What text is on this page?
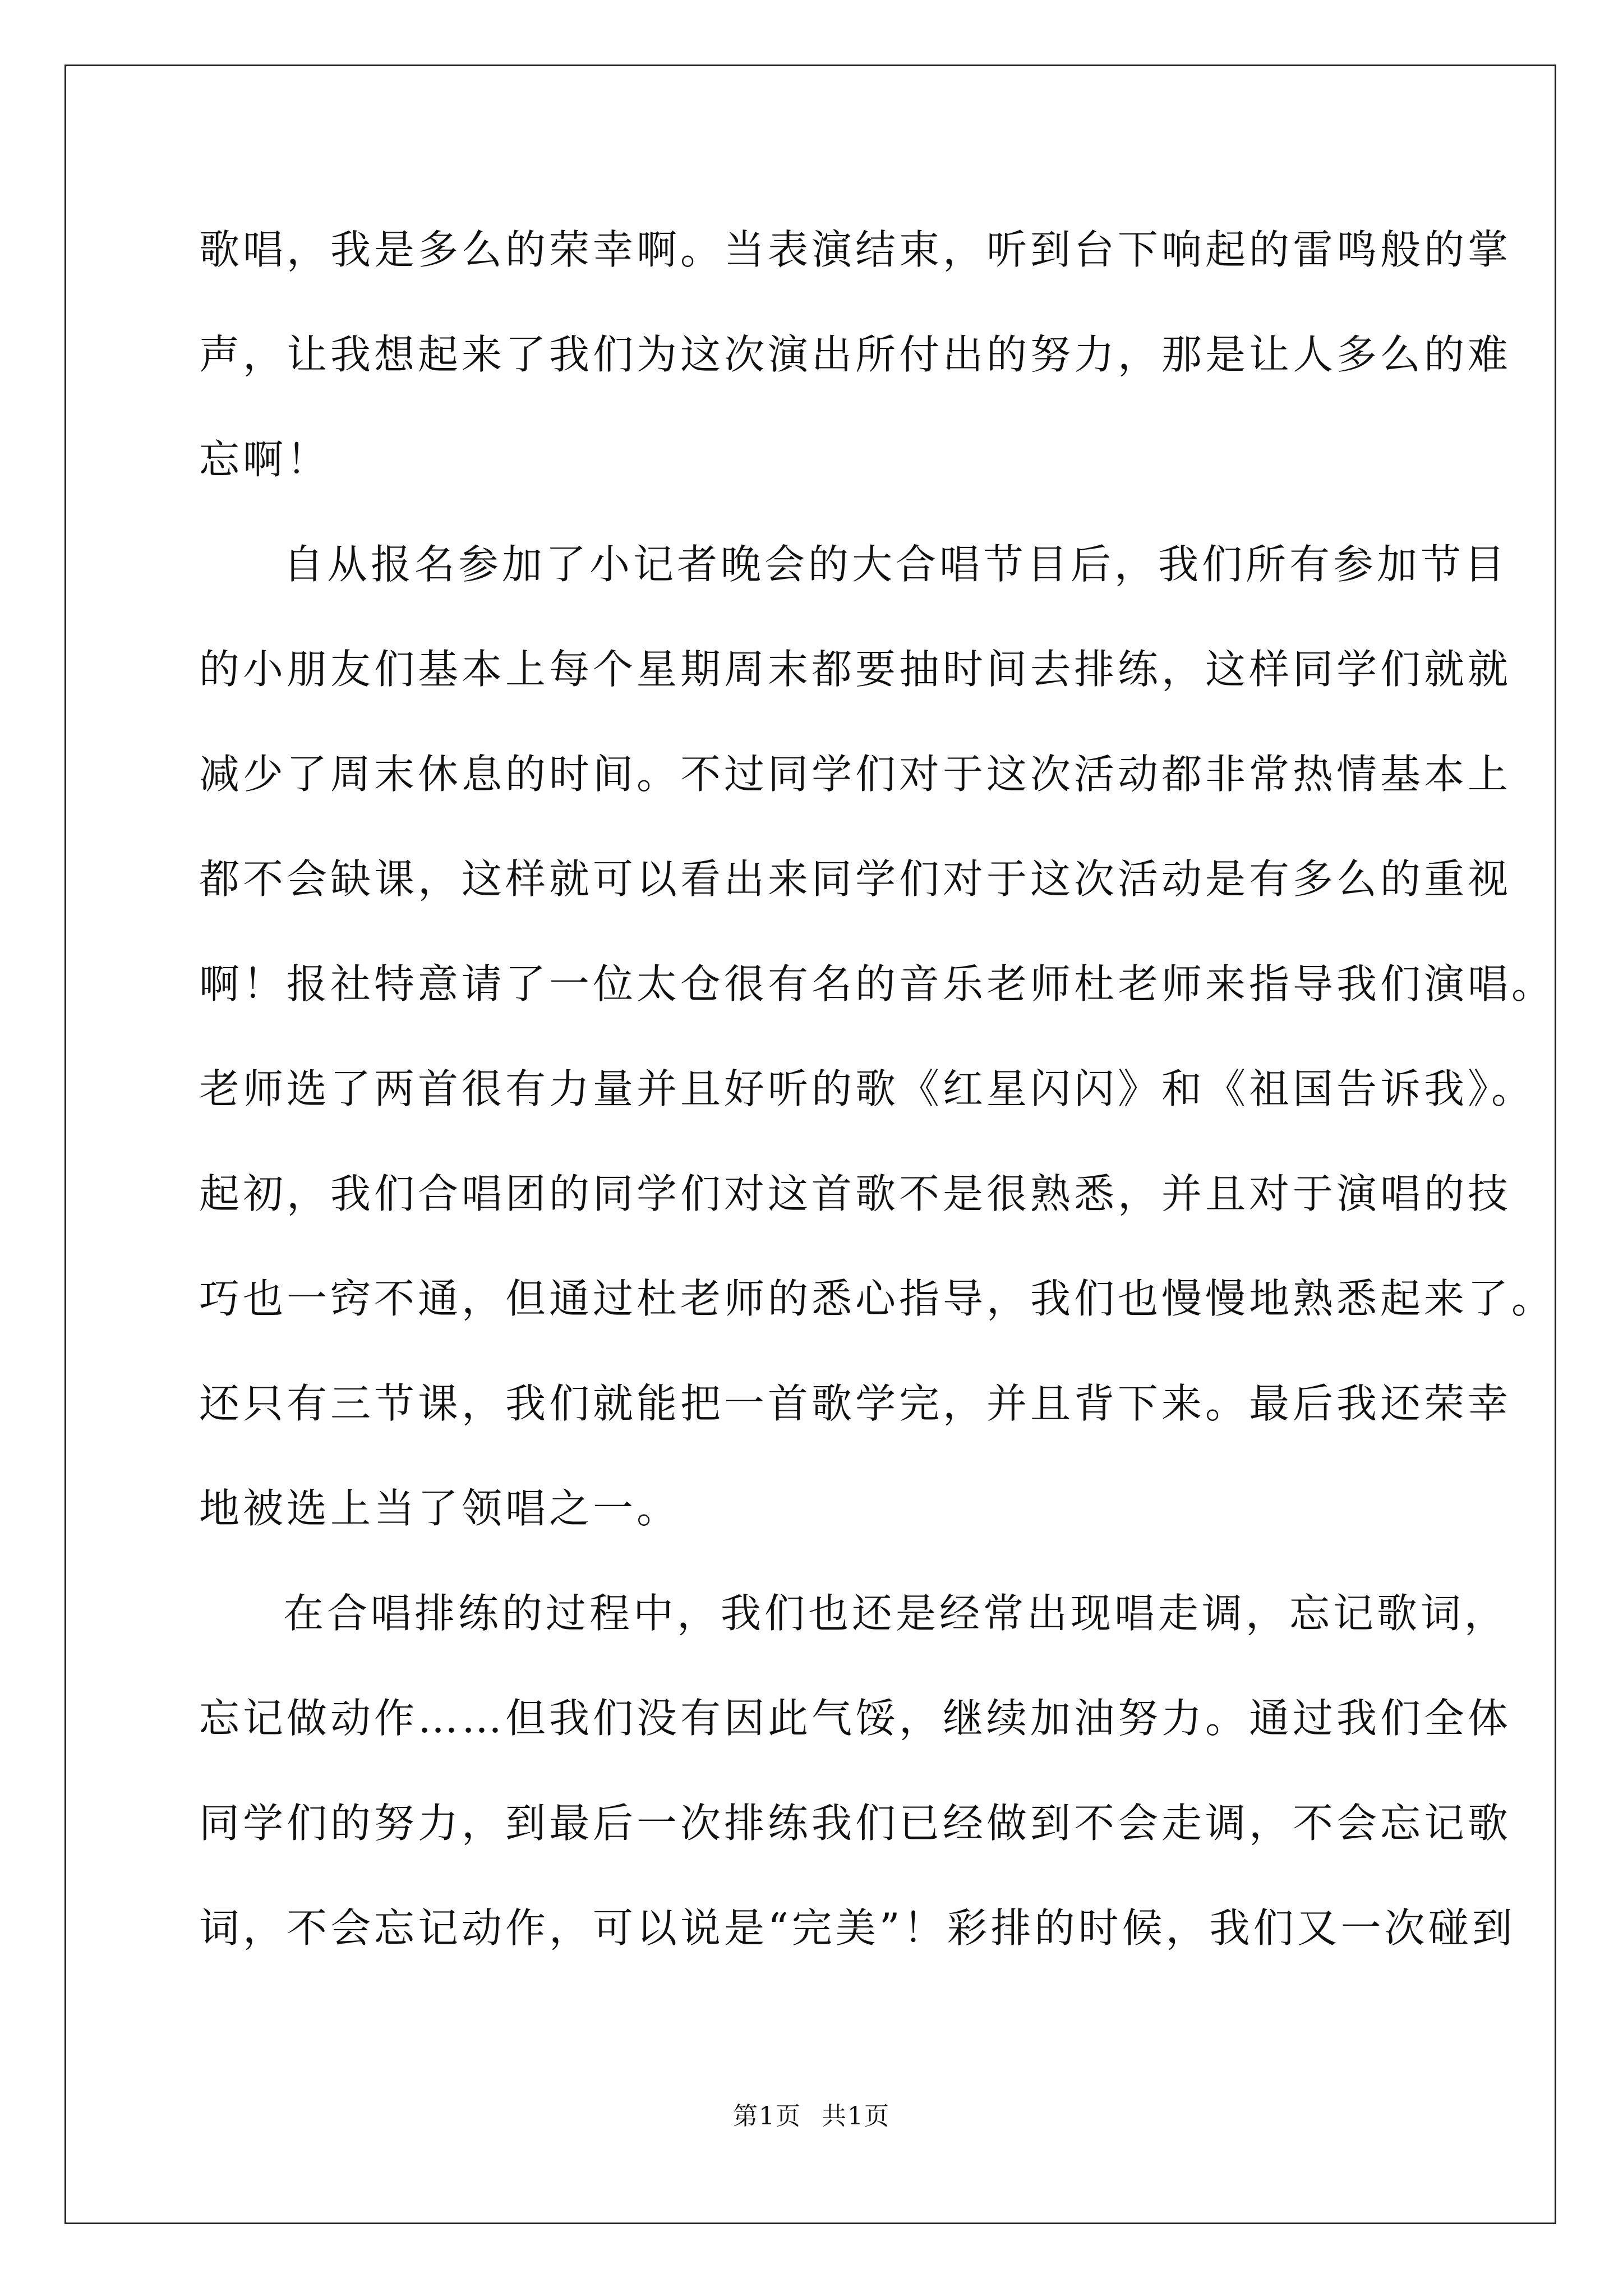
歌唱，我是多么的荣幸啊。当表演结束，听到台下响起的雷鸣般的掌
声，让我想起来了我们为这次演出所付出的努力，那是让人多么的难
忘啊！
自从报名参加了小记者晚会的大合唱节目后，我们所有参加节目
的小朋友们基本上每个星期周末都要抽时间去排练，这样同学们就就
减少了周末休息的时间。不过同学们对于这次活动都非常热情基本上
都不会缺课，这样就可以看出来同学们对于这次活动是有多么的重视
啊！报社特意请了一位太仓很有名的音乐老师杜老师来指导我们演唱。
老师选了两首很有力量并且好听的歌《红星闪闪》和《祖国告诉我》。
起初，我们合唱团的同学们对这首歌不是很熟悉，并且对于演唱的技
巧也一窍不通，但通过杜老师的悉心指导，我们也慢慢地熟悉起来了。
还只有三节课，我们就能把一首歌学完，并且背下来。最后我还荣幸
地被选上当了领唱之一。
在合唱排练的过程中，我们也还是经常出现唱走调，忘记歌词，
忘记做动作……但我们没有因此气馁，继续加油努力。通过我们全体
同学们的努力，到最后一次排练我们已经做到不会走调，不会忘记歌
词，不会忘记动作，可以说是“完美”！彩排的时候，我们又一次碰到
第1页 共1页
